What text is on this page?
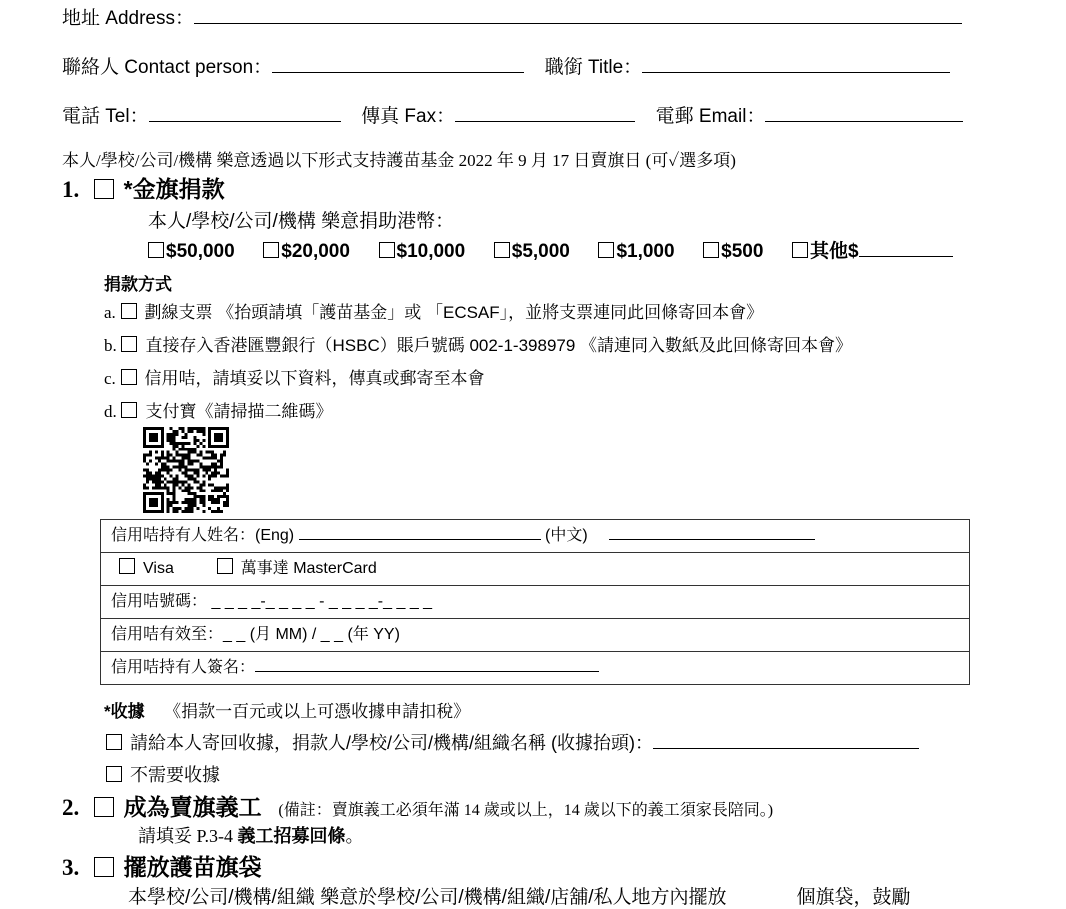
地址 Address：
聯絡人 Contact person：	職銜 Title：
電話 Tel：	傳真 Fax：	電郵 Email：
本人/學校/公司/機構 樂意透過以下形式支持護苗基金 2022 年 9 月 17 日賣旗日 (可✓選多項)
1. *金旗捐款
本人/學校/公司/機構 樂意捐助港幣：
$50,000 $20,000 $10,000 $5,000 $1,000 $500 其他$
捐款方式
a. 劃線支票 《抬頭請填「護苗基金」或 「ECSAF」，並將支票連同此回條寄回本會》
b. 直接存入香港匯豐銀行（HSBC）賬戶號碼 002-1-398979 《請連同入數紙及此回條寄回本會》
c. 信用咭，請填妥以下資料，傳真或郵寄至本會
d. 支付寶《請掃描二維碼》
信用咭持有人姓名：(Eng)	(中文)
Visa	萬事達 MasterCard
信用咭號碼： _ _ _ _-_ _ _ _ - _ _ _ _-_ _ _ _
信用咭有效至：_ _ (月 MM) / _ _ (年 YY)
信用咭持有人簽名：
*收據 《捐款一百元或以上可憑收據申請扣稅》
請給本人寄回收據，捐款人/學校/公司/機構/組織名稱 (收據抬頭)：
不需要收據
2. 成為賣旗義工 (備註：賣旗義工必須年滿 14 歲或以上，14 歲以下的義工須家長陪同。)
請填妥 P.3-4 義工招募回條。
3. 擺放護苗旗袋
本學校/公司/機構/組織 樂意於學校/公司/機構/組織/店舖/私人地方內擺放	個旗袋，鼓勵
